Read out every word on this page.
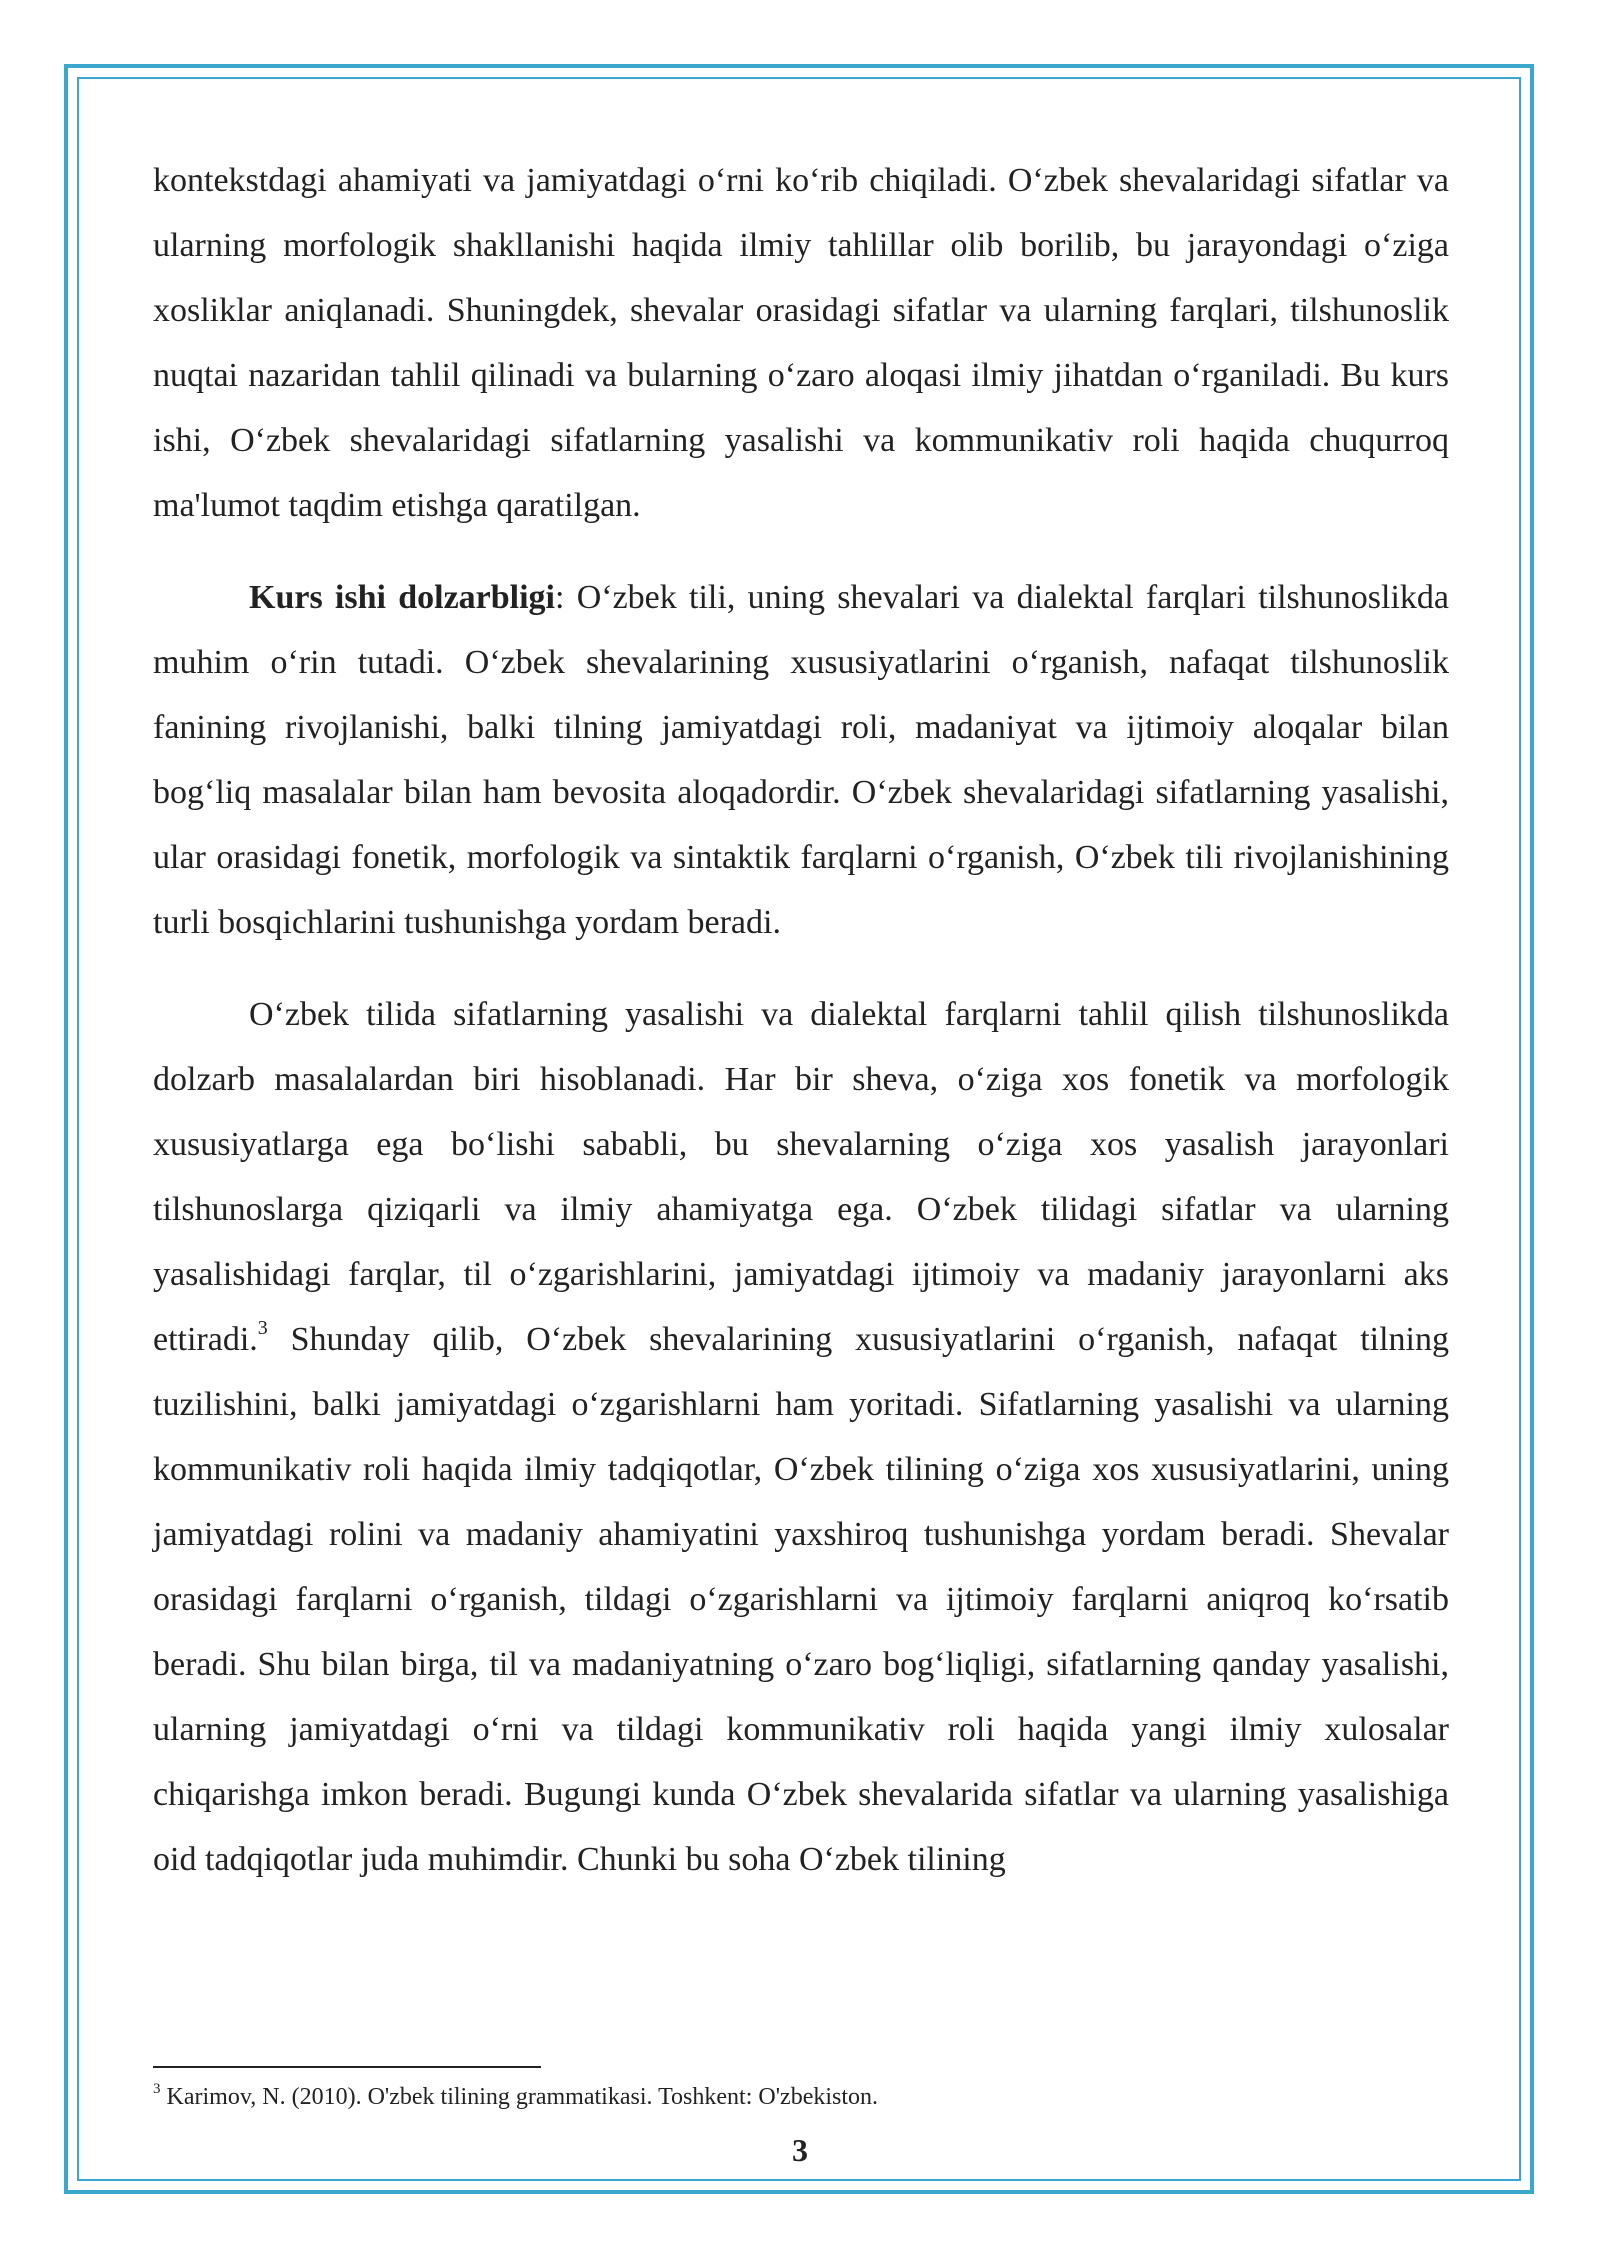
kontekstdagi ahamiyati va jamiyatdagi o‘rni ko‘rib chiqiladi. O‘zbek shevalaridagi sifatlar va ularning morfologik shakllanishi haqida ilmiy tahlillar olib borilib, bu jarayondagi o‘ziga xosliklar aniqlanadi. Shuningdek, shevalar orasidagi sifatlar va ularning farqlari, tilshunoslik nuqtai nazaridan tahlil qilinadi va bularning o‘zaro aloqasi ilmiy jihatdan o‘rganiladi. Bu kurs ishi, O‘zbek shevalaridagi sifatlarning yasalishi va kommunikativ roli haqida chuqurroq ma'lumot taqdim etishga qaratilgan.

Kurs ishi dolzarbligi: O‘zbek tili, uning shevalari va dialektal farqlari tilshunoslikda muhim o‘rin tutadi. O‘zbek shevalarining xususiyatlarini o‘rganish, nafaqat tilshunoslik fanining rivojlanishi, balki tilning jamiyatdagi roli, madaniyat va ijtimoiy aloqalar bilan bog‘liq masalalar bilan ham bevosita aloqadordir. O‘zbek shevalaridagi sifatlarning yasalishi, ular orasidagi fonetik, morfologik va sintaktik farqlarni o‘rganish, O‘zbek tili rivojlanishining turli bosqichlarini tushunishga yordam beradi.

O‘zbek tilida sifatlarning yasalishi va dialektal farqlarni tahlil qilish tilshunoslikda dolzarb masalalardan biri hisoblanadi. Har bir sheva, o‘ziga xos fonetik va morfologik xususiyatlarga ega bo‘lishi sababli, bu shevalarning o‘ziga xos yasalish jarayonlari tilshunoslarga qiziqarli va ilmiy ahamiyatga ega. O‘zbek tilidagi sifatlar va ularning yasalishidagi farqlar, til o‘zgarishlarini, jamiyatdagi ijtimoiy va madaniy jarayonlarni aks ettiradi.$^3$ Shunday qilib, O‘zbek shevalarining xususiyatlarini o‘rganish, nafaqat tilning tuzilishini, balki jamiyatdagi o‘zgarishlarni ham yoritadi. Sifatlarning yasalishi va ularning kommunikativ roli haqida ilmiy tadqiqotlar, O‘zbek tilining o‘ziga xos xususiyatlarini, uning jamiyatdagi rolini va madaniy ahamiyatini yaxshiroq tushunishga yordam beradi. Shevalar orasidagi farqlarni o‘rganish, tildagi o‘zgarishlarni va ijtimoiy farqlarni aniqroq ko‘rsatib beradi. Shu bilan birga, til va madaniyatning o‘zaro bog‘liqligi, sifatlarning qanday yasalishi, ularning jamiyatdagi o‘rni va tildagi kommunikativ roli haqida yangi ilmiy xulosalar chiqarishga imkon beradi. Bugungi kunda O‘zbek shevalarida sifatlar va ularning yasalishiga oid tadqiqotlar juda muhimdir. Chunki bu soha O‘zbek tilining

$^3$ Karimov, N. (2010). O'zbek tilining grammatikasi. Toshkent: O'zbekiston.
3
